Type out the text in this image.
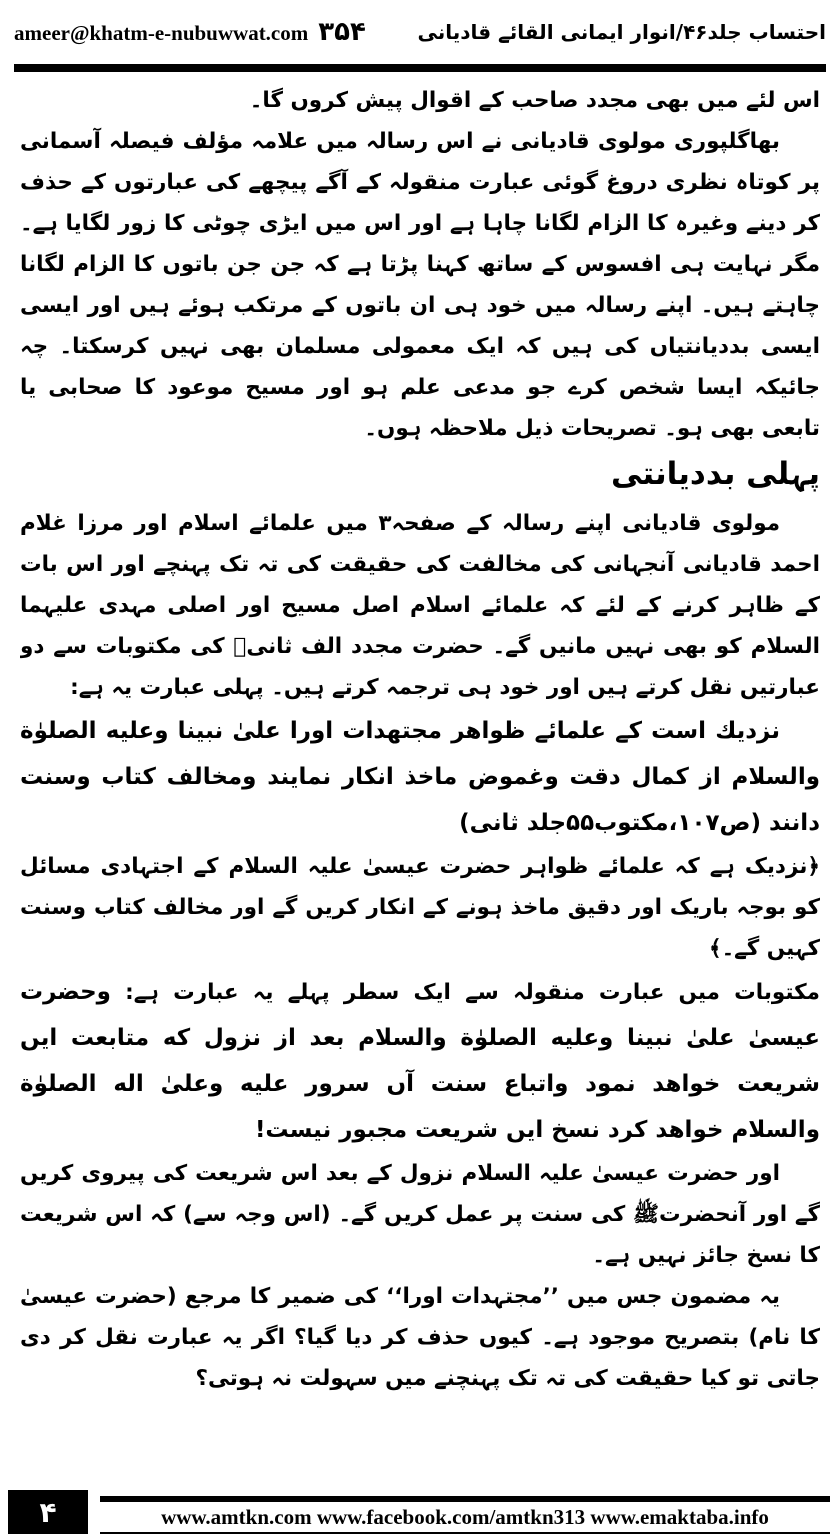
ameer@khatm-e-nubuwwat.com ۳۵۴	احتساب جلد۴۶/انوار ایمانی القائے قادیانی

اس لئے میں بھی مجدد صاحب کے اقوال پیش کروں گا۔

بھاگلپوری مولوی قادیانی نے اس رسالہ میں علامہ مؤلف فیصلہ آسمانی پر کوتاہ نظری دروغ گوئی عبارت منقولہ کے آگے پیچھے کی عبارتوں کے حذف کر دینے وغیرہ کا الزام لگانا چاہا ہے اور اس میں ایڑی چوٹی کا زور لگایا ہے۔ مگر نہایت ہی افسوس کے ساتھ کہنا پڑتا ہے کہ جن جن باتوں کا الزام لگانا چاہتے ہیں۔ اپنے رسالہ میں خود ہی ان باتوں کے مرتکب ہوئے ہیں اور ایسی ایسی بددیانتیاں کی ہیں کہ ایک معمولی مسلمان بھی نہیں کرسکتا۔ چہ جائیکہ ایسا شخص کرے جو مدعی علم ہو اور مسیح موعود کا صحابی یا تابعی بھی ہو۔ تصریحات ذیل ملاحظہ ہوں۔

پہلی بددیانتی

مولوی قادیانی اپنے رسالہ کے صفحہ۳ میں علمائے اسلام اور مرزا غلام احمد قادیانی آنجہانی کی مخالفت کی حقیقت کی تہ تک پہنچے اور اس بات کے ظاہر کرنے کے لئے کہ علمائے اسلام اصل مسیح اور اصلی مہدی علیہما السلام کو بھی نہیں مانیں گے۔ حضرت مجدد الف ثانیؒ کی مکتوبات سے دو عبارتیں نقل کرتے ہیں اور خود ہی ترجمہ کرتے ہیں۔ پہلی عبارت یہ ہے:

نزدیك است كے علمائے ظواهر مجتهدات اورا علیٰ نبینا وعلیه الصلوٰة والسلام از كمال دقت وغموض ماخذ انكار نمایند ومخالف كتاب وسنت دانند (ص۱۰۷،مکتوب۵۵جلد ثانی)

﴿نزدیک ہے کہ علمائے ظواہر حضرت عیسیٰ علیہ السلام کے اجتہادی مسائل کو بوجہ باریک اور دقیق ماخذ ہونے کے انکار کریں گے اور مخالف کتاب وسنت کہیں گے۔﴾

مکتوبات میں عبارت منقولہ سے ایک سطر پہلے یہ عبارت ہے: وحضرت عیسیٰ علیٰ نبینا وعلیه الصلوٰة والسلام بعد از نزول كه متابعت ایں شریعت خواهد نمود واتباع سنت آں سرور علیه وعلیٰ اله الصلوٰة والسلام خواهد كرد نسخ ایں شریعت مجبور نیست!

اور حضرت عیسیٰ علیہ السلام نزول کے بعد اس شریعت کی پیروی کریں گے اور آنحضرتﷺ کی سنت پر عمل کریں گے۔ (اس وجہ سے) کہ اس شریعت کا نسخ جائز نہیں ہے۔

یہ مضمون جس میں ’’مجتہدات اورا‘‘ کی ضمیر کا مرجع (حضرت عیسیٰ کا نام) بتصریح موجود ہے۔ کیوں حذف کر دیا گیا؟ اگر یہ عبارت نقل کر دی جاتی تو کیا حقیقت کی تہ تک پہنچنے میں سہولت نہ ہوتی؟

۴	www.amtkn.com www.facebook.com/amtkn313 www.emaktaba.info
